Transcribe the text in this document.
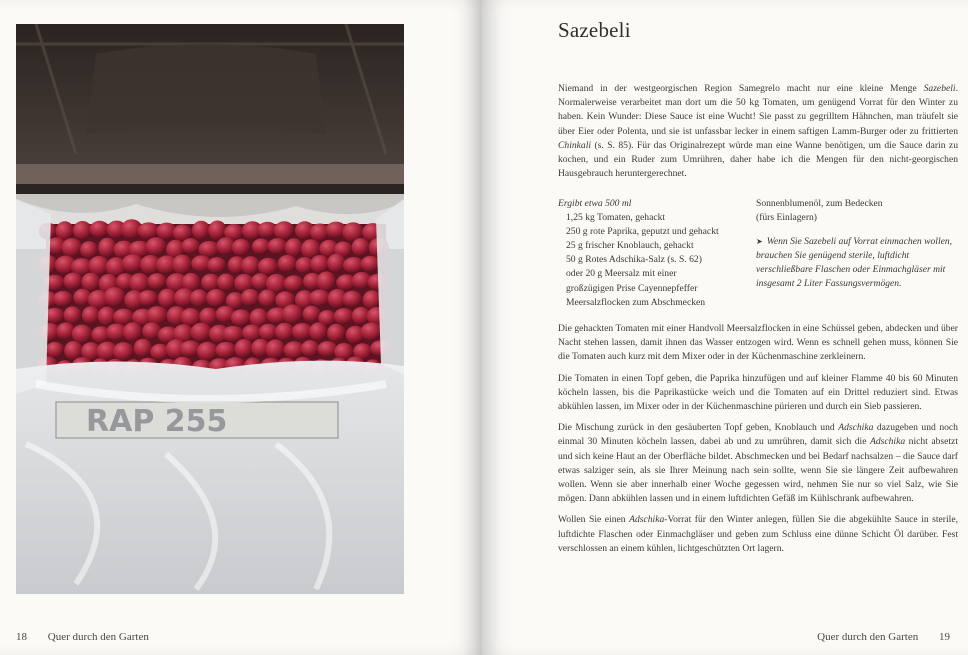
RAP 255
18 Quer durch den Garten
Sazebeli

Niemand in der westgeorgischen Region Samegrelo macht nur eine kleine Menge Sazebeli. Normalerweise verarbeitet man dort um die 50 kg Tomaten, um genügend Vorrat für den Winter zu haben. Kein Wunder: Diese Sauce ist eine Wucht! Sie passt zu gegrilltem Hähnchen, man träufelt sie über Eier oder Polenta, und sie ist unfassbar lecker in einem saftigen Lamm-Burger oder zu frittierten Chinkali (s. S. 85). Für das Originalrezept würde man eine Wanne benötigen, um die Sauce darin zu kochen, und ein Ruder zum Umrühren, daher habe ich die Mengen für den nicht-georgischen Hausgebrauch heruntergerechnet.

Ergibt etwa 500 ml
1,25 kg Tomaten, gehackt
250 g rote Paprika, geputzt und gehackt
25 g frischer Knoblauch, gehackt
50 g Rotes Adschika-Salz (s. S. 62)
oder 20 g Meersalz mit einer
großzügigen Prise Cayennepfeffer
Meersalzflocken zum Abschmecken
Sonnenblumenöl, zum Bedecken
(fürs Einlagern)
➤ Wenn Sie Sazebeli auf Vorrat einmachen wollen, brauchen Sie genügend sterile, luftdicht verschließbare Flaschen oder Einmachgläser mit insgesamt 2 Liter Fassungsvermögen.

Die gehackten Tomaten mit einer Handvoll Meersalzflocken in eine Schüssel geben, abdecken und über Nacht stehen lassen, damit ihnen das Wasser entzogen wird. Wenn es schnell gehen muss, können Sie die Tomaten auch kurz mit dem Mixer oder in der Küchenmaschine zerkleinern.

Die Tomaten in einen Topf geben, die Paprika hinzufügen und auf kleiner Flamme 40 bis 60 Minuten köcheln lassen, bis die Paprikastücke weich und die Tomaten auf ein Drittel reduziert sind. Etwas abkühlen lassen, im Mixer oder in der Küchenmaschine pürieren und durch ein Sieb passieren.

Die Mischung zurück in den gesäuberten Topf geben, Knoblauch und Adschika dazugeben und noch einmal 30 Minuten köcheln lassen, dabei ab und zu umrühren, damit sich die Adschika nicht absetzt und sich keine Haut an der Oberfläche bildet. Abschmecken und bei Bedarf nachsalzen – die Sauce darf etwas salziger sein, als sie Ihrer Meinung nach sein sollte, wenn Sie sie längere Zeit aufbewahren wollen. Wenn sie aber innerhalb einer Woche gegessen wird, nehmen Sie nur so viel Salz, wie Sie mögen. Dann abkühlen lassen und in einem luftdichten Gefäß im Kühlschrank aufbewahren.

Wollen Sie einen Adschika-Vorrat für den Winter anlegen, füllen Sie die abgekühlte Sauce in sterile, luftdichte Flaschen oder Einmachgläser und geben zum Schluss eine dünne Schicht Öl darüber. Fest verschlossen an einem kühlen, lichtgeschützten Ort lagern.

Quer durch den Garten 19
